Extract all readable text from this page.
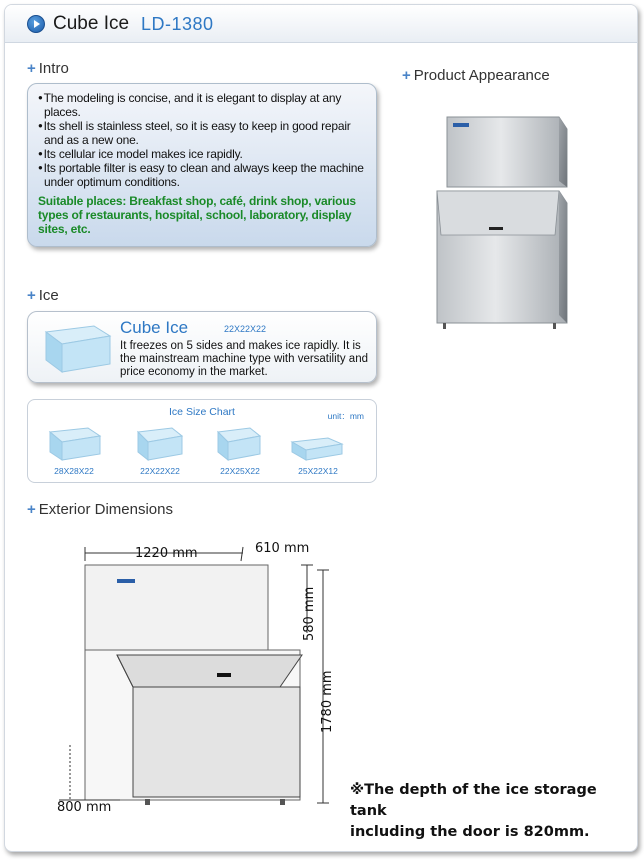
Cube Ice LD-1380
+ Intro
● The modeling is concise, and it is elegant to display at any places.
● Its shell is stainless steel, so it is easy to keep in good repair and as a new one.
● Its cellular ice model makes ice rapidly.
● Its portable filter is easy to clean and always keep the machine under optimum conditions.
Suitable places: Breakfast shop, café, drink shop, various types of restaurants, hospital, school, laboratory, display sites, etc.
+ Product Appearance
+ Ice
Cube Ice	22X22X22
It freezes on 5 sides and makes ice rapidly. It is the mainstream machine type with versatility and price economy in the market.
Ice Size Chart	unit：mm
28X28X22	22X22X22	22X25X22	25X22X12
+ Exterior Dimensions
1220 mm	610 mm
580 mm
1780 mm
800 mm
※The depth of the ice storage tank
including the door is 820mm.
